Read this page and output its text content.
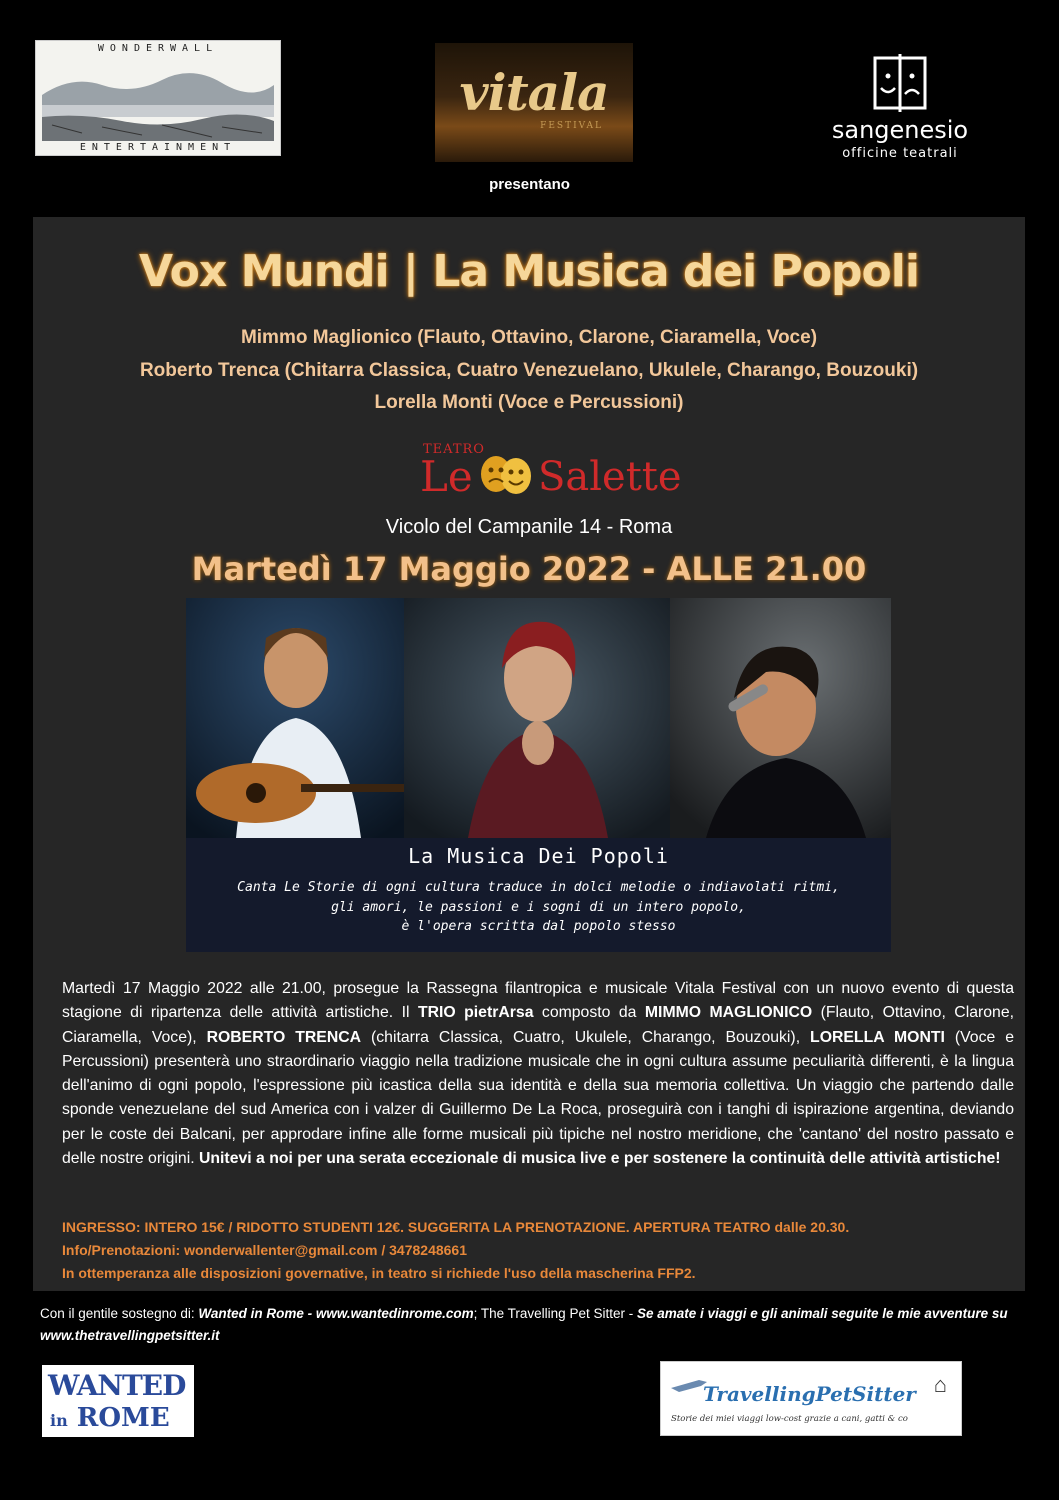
WONDERWALL
ENTERTAINMENT
vitala
FESTIVAL	sangenesio
officine teatrali
presentano
Vox Mundi | La Musica dei Popoli
Mimmo Maglionico (Flauto, Ottavino, Clarone, Ciaramella, Voce)
Roberto Trenca (Chitarra Classica, Cuatro Venezuelano, Ukulele, Charango, Bouzouki)
Lorella Monti (Voce e Percussioni)
TEATRO
Le Salette
Vicolo del Campanile 14 - Roma
Martedì 17 Maggio 2022 - ALLE 21.00
La Musica Dei Popoli
Canta Le Storie di ogni cultura traduce in dolci melodie o indiavolati ritmi,
gli amori, le passioni e i sogni di un intero popolo,
è l'opera scritta dal popolo stesso
Martedì 17 Maggio 2022 alle 21.00, prosegue la Rassegna filantropica e musicale Vitala Festival con un nuovo evento di questa stagione di ripartenza delle attività artistiche. Il TRIO pietrArsa composto da MIMMO MAGLIONICO (Flauto, Ottavino, Clarone, Ciaramella, Voce), ROBERTO TRENCA (chitarra Classica, Cuatro, Ukulele, Charango, Bouzouki), LORELLA MONTI (Voce e Percussioni) presenterà uno straordinario viaggio nella tradizione musicale che in ogni cultura assume peculiarità differenti, è la lingua dell'animo di ogni popolo, l'espressione più icastica della sua identità e della sua memoria collettiva. Un viaggio che partendo dalle sponde venezuelane del sud America con i valzer di Guillermo De La Roca, proseguirà con i tanghi di ispirazione argentina, deviando per le coste dei Balcani, per approdare infine alle forme musicali più tipiche nel nostro meridione, che 'cantano' del nostro passato e delle nostre origini. Unitevi a noi per una serata eccezionale di musica live e per sostenere la continuità delle attività artistiche!
INGRESSO: INTERO 15€ / RIDOTTO STUDENTI 12€. SUGGERITA LA PRENOTAZIONE. APERTURA TEATRO dalle 20.30.
Info/Prenotazioni: wonderwallenter@gmail.com / 3478248661
In ottemperanza alle disposizioni governative, in teatro si richiede l'uso della mascherina FFP2.
Con il gentile sostegno di: Wanted in Rome - www.wantedinrome.com; The Travelling Pet Sitter - Se amate i viaggi e gli animali seguite le mie avventure su www.thetravellingpetsitter.it
WANTED
in ROME
TravellingPetSitter ⌂
Storie dei miei viaggi low-cost grazie a cani, gatti & co
